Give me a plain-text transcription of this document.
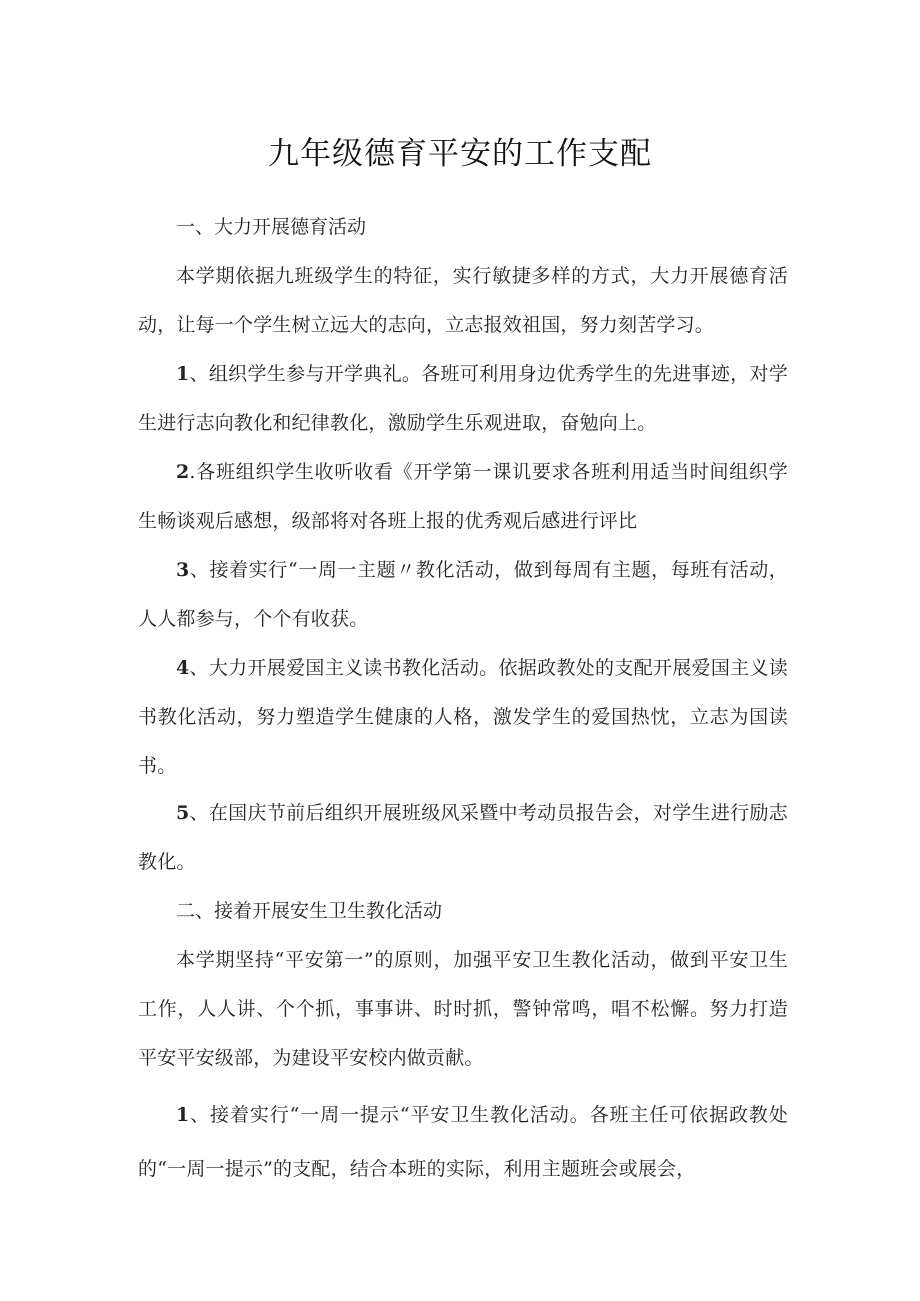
九年级德育平安的工作支配

一、大力开展德育活动

本学期依据九班级学生的特征，实行敏捷多样的方式，大力开展德育活动，让每一个学生树立远大的志向，立志报效祖国，努力刻苦学习。

1、组织学生参与开学典礼。各班可利用身边优秀学生的先进事迹，对学生进行志向教化和纪律教化，激励学生乐观进取，奋勉向上。

2.各班组织学生收听收看《开学第一课讥要求各班利用适当时间组织学生畅谈观后感想，级部将对各班上报的优秀观后感进行评比

3、接着实行“一周一主题〃教化活动，做到每周有主题，每班有活动，人人都参与，个个有收获。

4、大力开展爱国主义读书教化活动。依据政教处的支配开展爱国主义读书教化活动，努力塑造学生健康的人格，激发学生的爱国热忱，立志为国读书。

5、在国庆节前后组织开展班级风采暨中考动员报告会，对学生进行励志教化。

二、接着开展安生卫生教化活动

本学期坚持“平安第一”的原则，加强平安卫生教化活动，做到平安卫生工作，人人讲、个个抓，事事讲、时时抓，警钟常鸣，唱不松懈。努力打造平安平安级部，为建设平安校内做贡献。

1、接着实行“一周一提示“平安卫生教化活动。各班主任可依据政教处的“一周一提示”的支配，结合本班的实际，利用主题班会或展会，
